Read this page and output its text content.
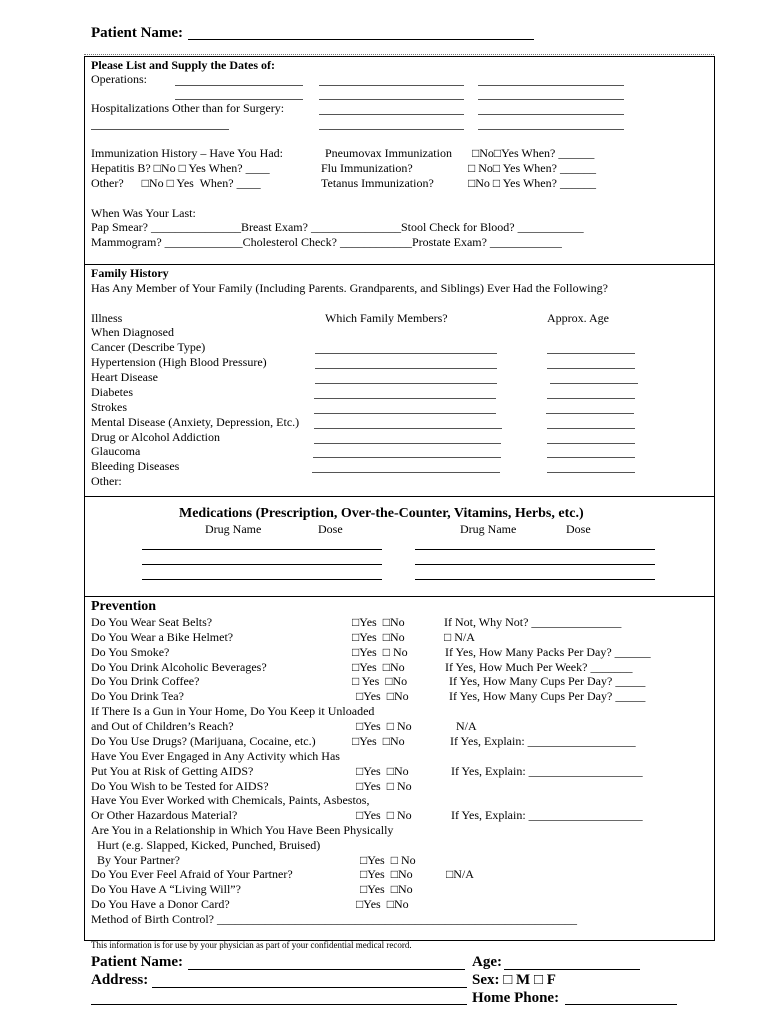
Patient Name:
Please List and Supply the Dates of:
Operations:
Hospitalizations Other than for Surgery:
Immunization History – Have You Had:
Hepatitis B? □No □ Yes When? ____
Other?      □No □ Yes  When? ____
Pneumovax Immunization □No□Yes When? ______
Flu Immunization?	□ No□ Yes When? ______
Tetanus Immunization?	□No □ Yes When? ______
When Was Your Last:
Pap Smear? _______________Breast Exam? _______________Stool Check for Blood? ___________
Mammogram? _____________Cholesterol Check? ____________Prostate Exam? ____________
Family History
Has Any Member of Your Family (Including Parents. Grandparents, and Siblings) Ever Had the Following?
Illness	Which Family Members?	Approx. Age
When Diagnosed
Cancer (Describe Type)
Hypertension (High Blood Pressure)
Heart Disease
Diabetes
Strokes
Mental Disease (Anxiety, Depression, Etc.)
Drug or Alcohol Addiction
Glaucoma
Bleeding Diseases
Other:
Medications (Prescription, Over-the-Counter, Vitamins, Herbs, etc.)
Drug Name	Dose	Drug Name	Dose
Prevention
Do You Wear Seat Belts?	□Yes  □No	If Not, Why Not? _______________
Do You Wear a Bike Helmet?	□Yes  □No	□ N/A
Do You Smoke?	□Yes  □ No	If Yes, How Many Packs Per Day? ______
Do You Drink Alcoholic Beverages?	□Yes  □No	If Yes, How Much Per Week? _______
Do You Drink Coffee?	□ Yes  □No	If Yes, How Many Cups Per Day? _____
Do You Drink Tea?	□Yes  □No	If Yes, How Many Cups Per Day? _____
If There Is a Gun in Your Home, Do You Keep it Unloaded
and Out of Children’s Reach?	□Yes  □ No	N/A
Do You Use Drugs? (Marijuana, Cocaine, etc.)	□Yes  □No	If Yes, Explain: __________________
Have You Ever Engaged in Any Activity which Has
Put You at Risk of Getting AIDS?	□Yes  □No	If Yes, Explain: ___________________
Do You Wish to be Tested for AIDS?	□Yes  □ No
Have You Ever Worked with Chemicals, Paints, Asbestos,
Or Other Hazardous Material?	□Yes  □ No	If Yes, Explain: ___________________
Are You in a Relationship in Which You Have Been Physically
Hurt (e.g. Slapped, Kicked, Punched, Bruised)
By Your Partner?	□Yes  □ No
Do You Ever Feel Afraid of Your Partner?	□Yes  □No	□N/A
Do You Have A “Living Will”?	□Yes  □No
Do You Have a Donor Card?	□Yes  □No
Method of Birth Control? ____________________________________________________________
This information is for use by your physician as part of your confidential medical record.
Patient Name:	Age:
Address:	Sex: □ M □ F
Home Phone:
